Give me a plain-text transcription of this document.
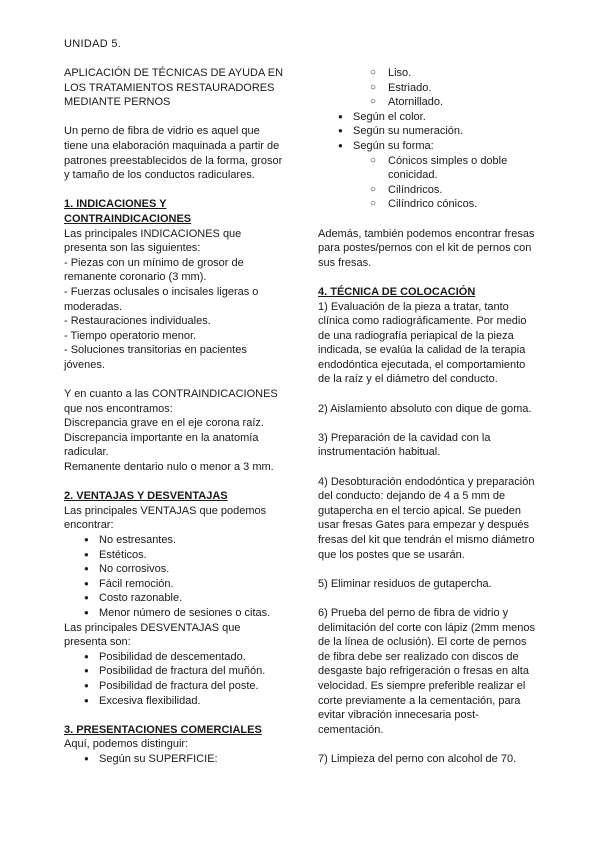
UNIDAD 5.

APLICACIÓN DE TÉCNICAS DE AYUDA EN LOS TRATAMIENTOS RESTAURADORES MEDIANTE PERNOS

Un perno de fibra de vidrio es aquel que tiene una elaboración maquinada a partir de patrones preestablecidos de la forma, grosor y tamaño de los conductos radiculares.

1. INDICACIONES Y CONTRAINDICACIONES

Las principales INDICACIONES que presenta son las siguientes:

- Piezas con un mínimo de grosor de remanente coronario (3 mm).

- Fuerzas oclusales o incisales ligeras o moderadas.

- Restauraciones individuales.

- Tiempo operatorio menor.

- Soluciones transitorias en pacientes jóvenes.

Y en cuanto a las CONTRAINDICACIONES que nos encontramos:

Discrepancia grave en el eje corona raíz.

Discrepancia importante en la anatomía radicular.

Remanente dentario nulo o menor a 3 mm.

2. VENTAJAS Y DESVENTAJAS

Las principales VENTAJAS que podemos encontrar:

● No estresantes.
● Estéticos.
● No corrosivos.
● Fácil remoción.
● Costo razonable.
● Menor número de sesiones o citas.

Las principales DESVENTAJAS que presenta son:

● Posibilidad de descementado.
● Posibilidad de fractura del muñón.
● Posibilidad de fractura del poste.
● Excesiva flexibilidad.

3. PRESENTACIONES COMERCIALES

Aquí, podemos distinguir:

● Según su SUPERFICIE:
○ Liso.
○ Estriado.
○ Atornillado.
● Según el color.
● Según su numeración.
● Según su forma:
○ Cónicos simples o doble conicidad.
○ Cilíndricos.
○ Cilíndrico cónicos.

Además, también podemos encontrar fresas para postes/pernos con el kit de pernos con sus fresas.

4. TÉCNICA DE COLOCACIÓN

1) Evaluación de la pieza a tratar, tanto clínica como radiográficamente. Por medio de una radiografía periapical de la pieza indicada, se evalúa la calidad de la terapia endodóntica ejecutada, el comportamiento de la raíz y el diámetro del conducto.

2) Aislamiento absoluto con dique de goma.

3) Preparación de la cavidad con la instrumentación habitual.

4) Desobturación endodóntica y preparación del conducto: dejando de 4 a 5 mm de gutapercha en el tercio apical. Se pueden usar fresas Gates para empezar y después fresas del kit que tendrán el mismo diámetro que los postes que se usarán.

5) Eliminar residuos de gutapercha.

6) Prueba del perno de fibra de vidrio y delimitación del corte con lápiz (2mm menos de la línea de oclusión). El corte de pernos de fibra debe ser realizado con discos de desgaste bajo refrigeración o fresas en alta velocidad. Es siempre preferible realizar el corte previamente a la cementación, para evitar vibración innecesaria post-cementación.

7) Limpieza del perno con alcohol de 70.
